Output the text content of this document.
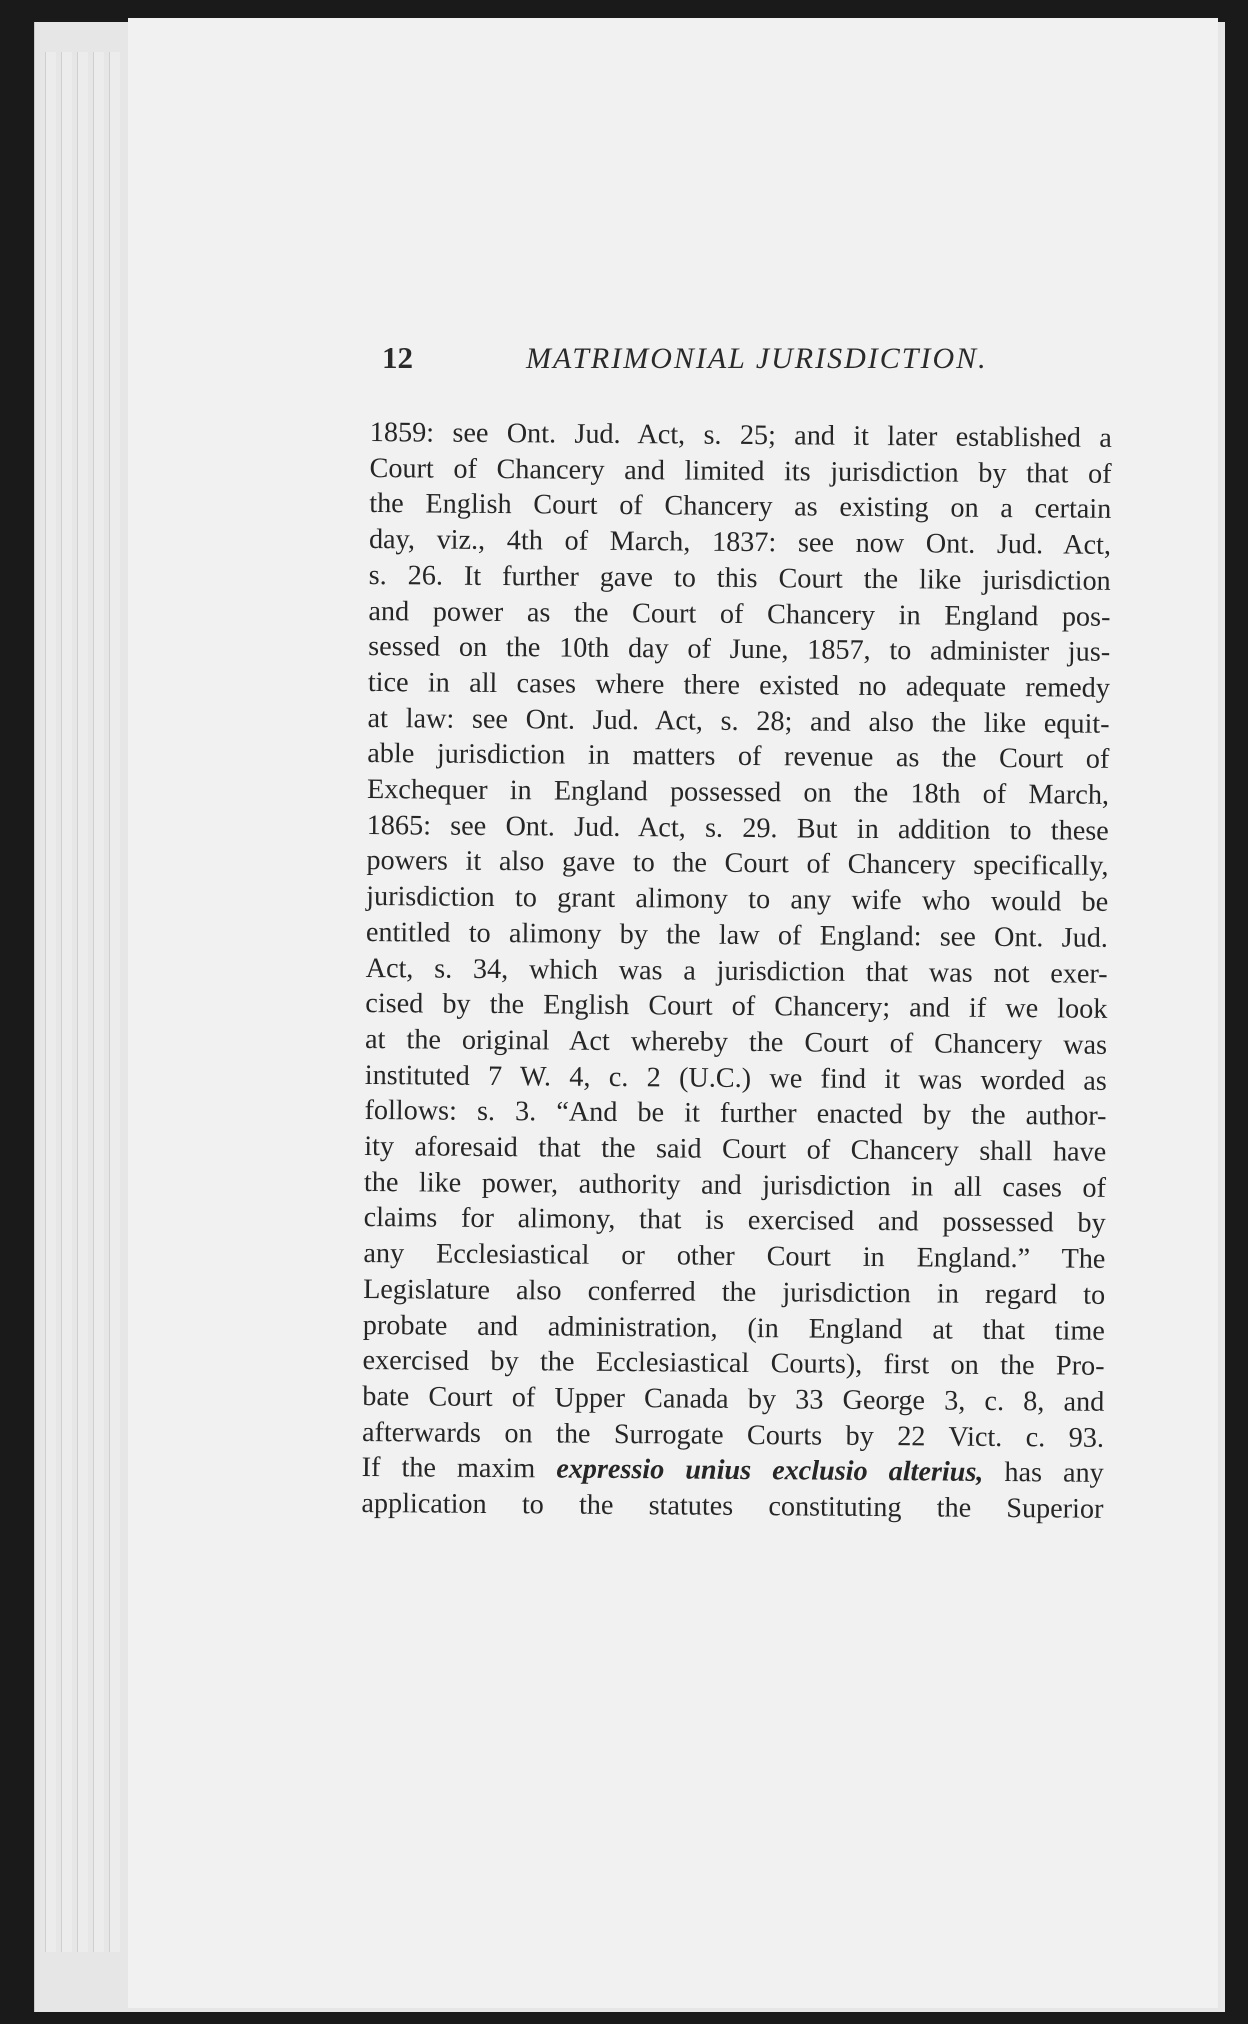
12	MATRIMONIAL JURISDICTION.
1859: see Ont. Jud. Act, s. 25; and it later established a
Court of Chancery and limited its jurisdiction by that of
the English Court of Chancery as existing on a certain
day, viz., 4th of March, 1837: see now Ont. Jud. Act,
s. 26. It further gave to this Court the like jurisdiction
and power as the Court of Chancery in England pos-
sessed on the 10th day of June, 1857, to administer jus-
tice in all cases where there existed no adequate remedy
at law: see Ont. Jud. Act, s. 28; and also the like equit-
able jurisdiction in matters of revenue as the Court of
Exchequer in England possessed on the 18th of March,
1865: see Ont. Jud. Act, s. 29. But in addition to these
powers it also gave to the Court of Chancery specifically,
jurisdiction to grant alimony to any wife who would be
entitled to alimony by the law of England: see Ont. Jud.
Act, s. 34, which was a jurisdiction that was not exer-
cised by the English Court of Chancery; and if we look
at the original Act whereby the Court of Chancery was
instituted 7 W. 4, c. 2 (U.C.) we find it was worded as
follows: s. 3. “And be it further enacted by the author-
ity aforesaid that the said Court of Chancery shall have
the like power, authority and jurisdiction in all cases of
claims for alimony, that is exercised and possessed by
any Ecclesiastical or other Court in England.” The
Legislature also conferred the jurisdiction in regard to
probate and administration, (in England at that time
exercised by the Ecclesiastical Courts), first on the Pro-
bate Court of Upper Canada by 33 George 3, c. 8, and
afterwards on the Surrogate Courts by 22 Vict. c. 93.
If the maxim expressio unius exclusio alterius, has any
application to the statutes constituting the Superior
